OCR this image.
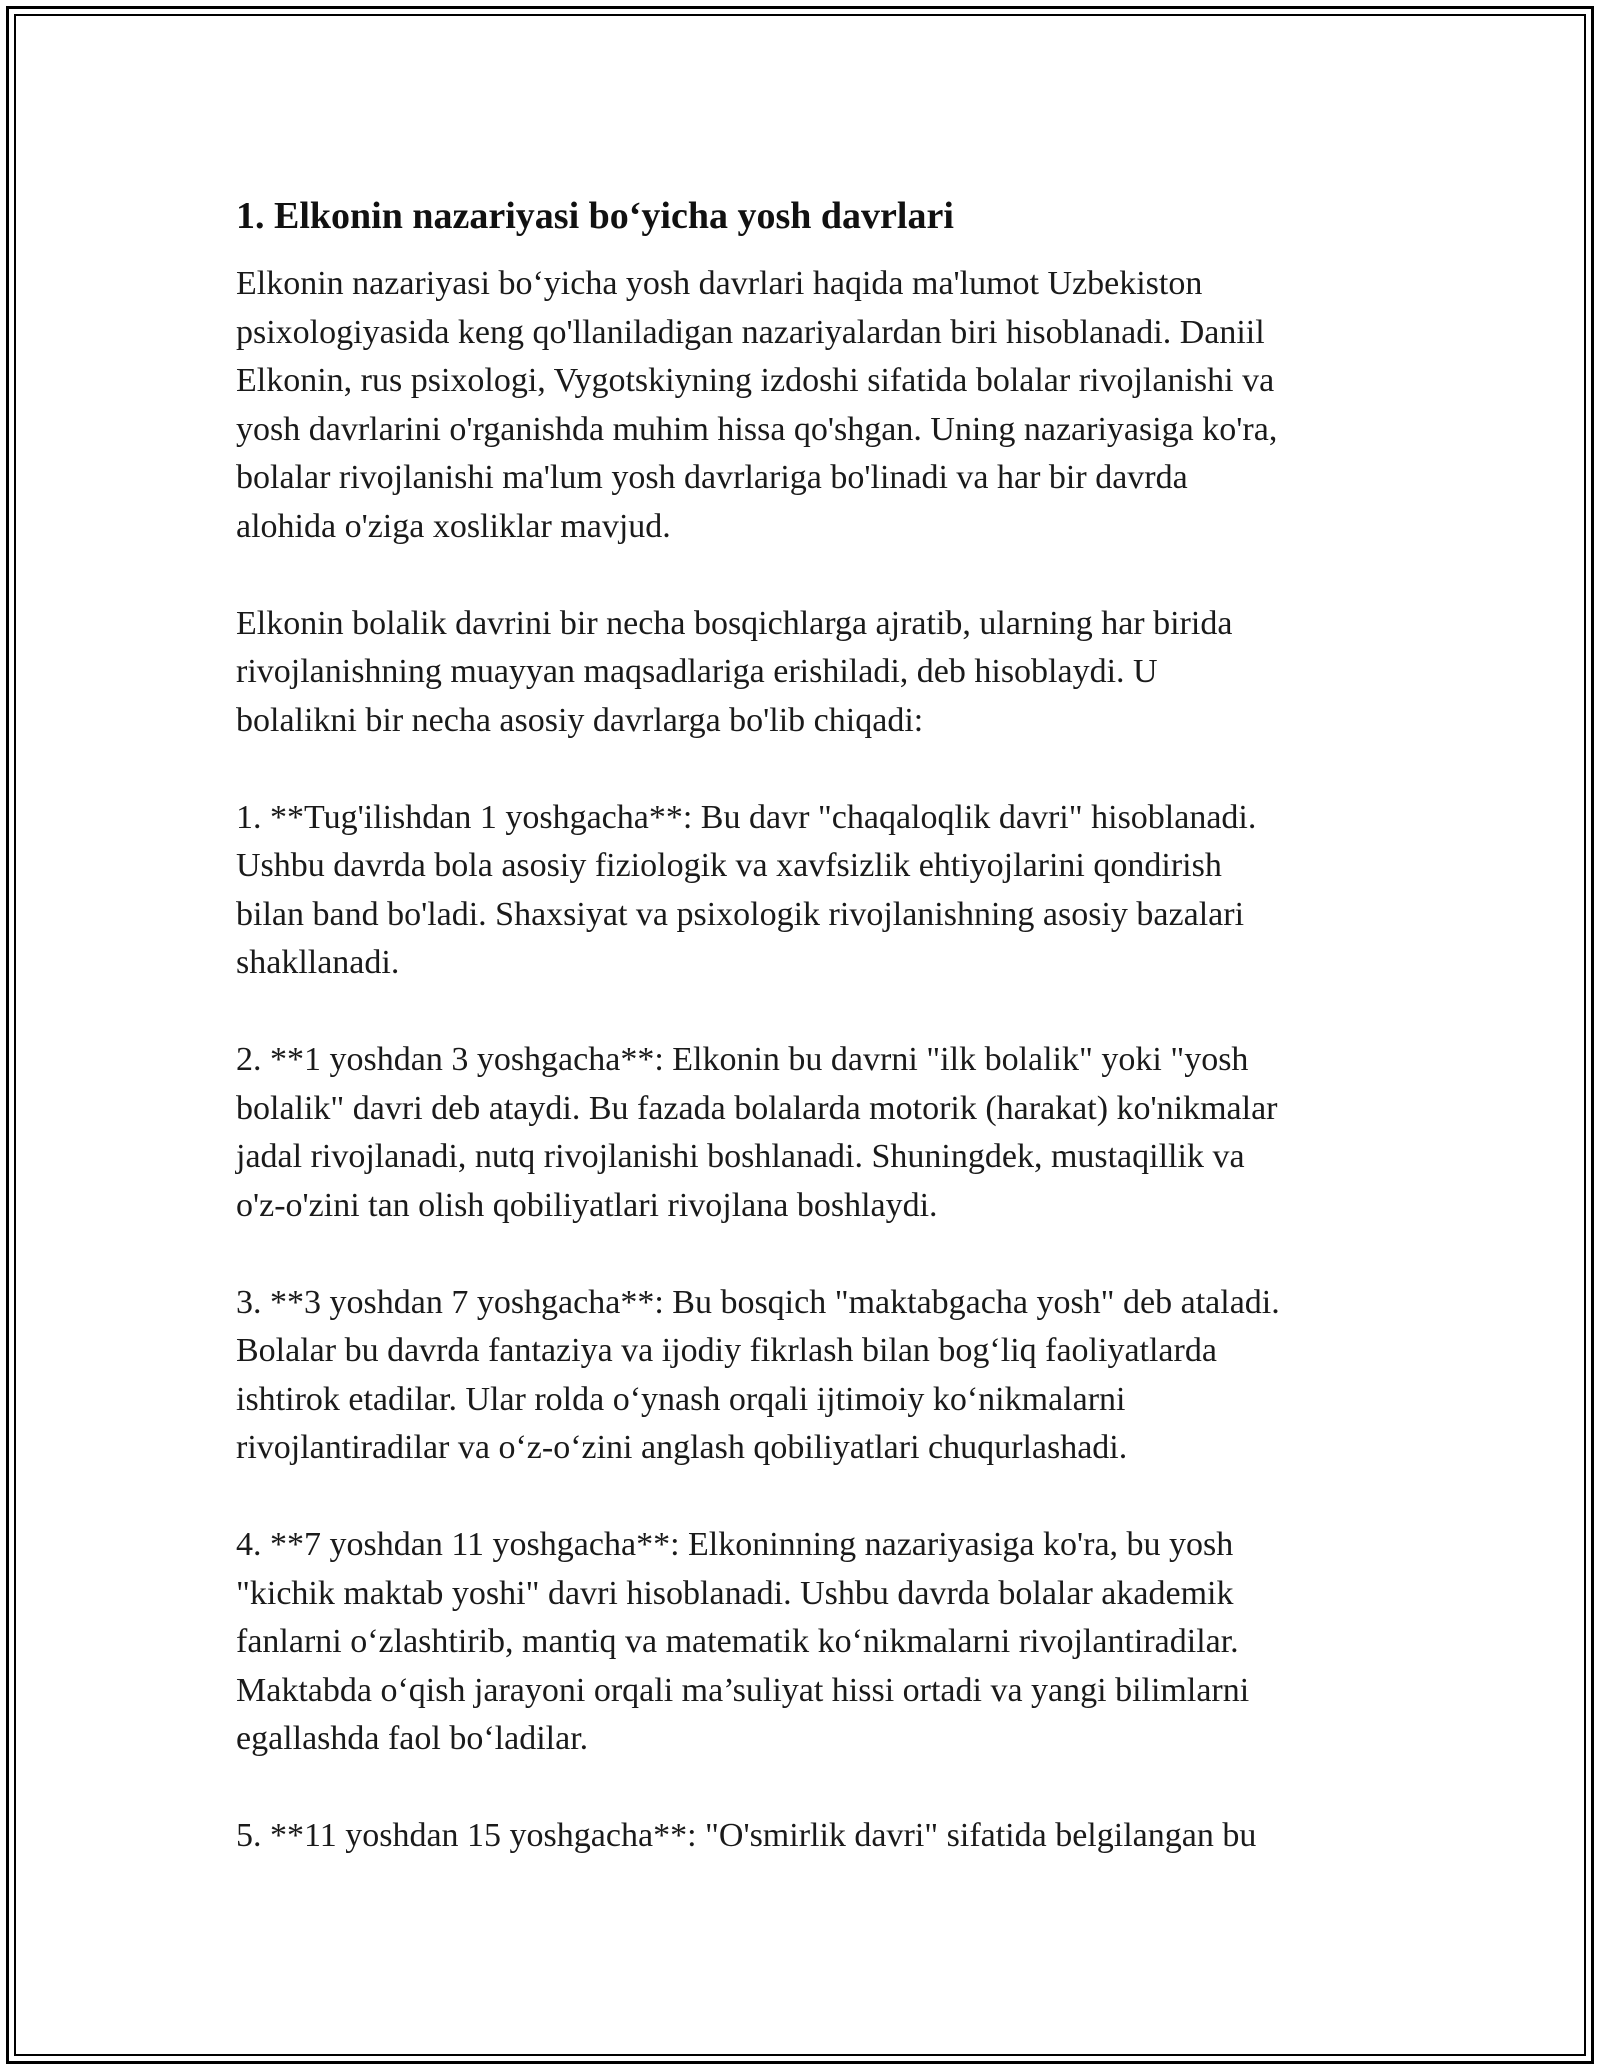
1. Elkonin nazariyasi bo‘yicha yosh davrlari

Elkonin nazariyasi bo‘yicha yosh davrlari haqida ma'lumot Uzbekiston
psixologiyasida keng qo'llaniladigan nazariyalardan biri hisoblanadi. Daniil
Elkonin, rus psixologi, Vygotskiyning izdoshi sifatida bolalar rivojlanishi va
yosh davrlarini o'rganishda muhim hissa qo'shgan. Uning nazariyasiga ko'ra,
bolalar rivojlanishi ma'lum yosh davrlariga bo'linadi va har bir davrda
alohida o'ziga xosliklar mavjud.

Elkonin bolalik davrini bir necha bosqichlarga ajratib, ularning har birida
rivojlanishning muayyan maqsadlariga erishiladi, deb hisoblaydi. U
bolalikni bir necha asosiy davrlarga bo'lib chiqadi:

1. **Tug'ilishdan 1 yoshgacha**: Bu davr "chaqaloqlik davri" hisoblanadi.
Ushbu davrda bola asosiy fiziologik va xavfsizlik ehtiyojlarini qondirish
bilan band bo'ladi. Shaxsiyat va psixologik rivojlanishning asosiy bazalari
shakllanadi.

2. **1 yoshdan 3 yoshgacha**: Elkonin bu davrni "ilk bolalik" yoki "yosh
bolalik" davri deb ataydi. Bu fazada bolalarda motorik (harakat) ko'nikmalar
jadal rivojlanadi, nutq rivojlanishi boshlanadi. Shuningdek, mustaqillik va
o'z-o'zini tan olish qobiliyatlari rivojlana boshlaydi.

3. **3 yoshdan 7 yoshgacha**: Bu bosqich "maktabgacha yosh" deb ataladi.
Bolalar bu davrda fantaziya va ijodiy fikrlash bilan bog‘liq faoliyatlarda
ishtirok etadilar. Ular rolda o‘ynash orqali ijtimoiy ko‘nikmalarni
rivojlantiradilar va o‘z-o‘zini anglash qobiliyatlari chuqurlashadi.

4. **7 yoshdan 11 yoshgacha**: Elkoninning nazariyasiga ko'ra, bu yosh
"kichik maktab yoshi" davri hisoblanadi. Ushbu davrda bolalar akademik
fanlarni o‘zlashtirib, mantiq va matematik ko‘nikmalarni rivojlantiradilar.
Maktabda o‘qish jarayoni orqali ma’suliyat hissi ortadi va yangi bilimlarni
egallashda faol bo‘ladilar.

5. **11 yoshdan 15 yoshgacha**: "O'smirlik davri" sifatida belgilangan bu
